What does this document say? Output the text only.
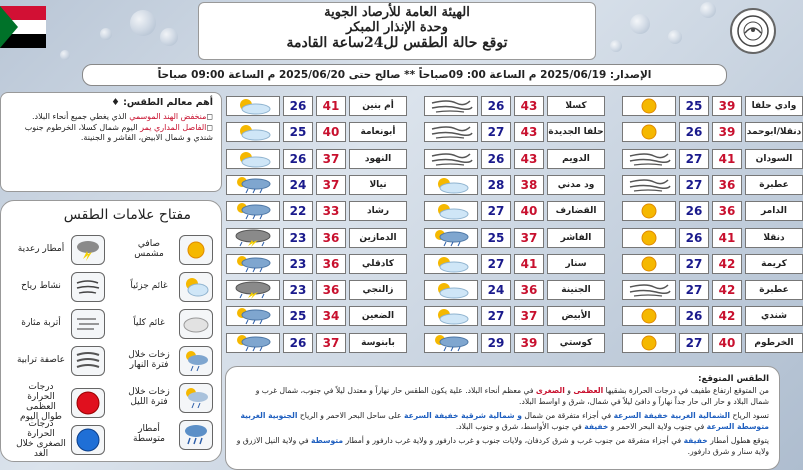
الهيئة العامة للأرصاد الجوية
وحدة الإنذار المبكر
توقع حالة الطقس لل24ساعة القادمة
الإصدار: 2025/06/19 م الساعة 00: 09صباحاً ** صالح حتى 2025/06/20 م الساعة 09:00 صباحاً
أهم معالم الطقس: ♦
◻منخفض الهند الموسمي الذي يغطي جميع أنحاء البلاد.
◻الفاصل المداري يمر اليوم شمال كسلا، الخرطوم جنوب شندي و شمال الابيض، الفاشر و الجنينة.
مفتاح علامات الطقس
صافي مشمس
أمطار رعدية
غائم جزئياً
نشاط رياح
غائم كلياً
أتربة مثارة
زخات خلال فترة النهار
عاصفة ترابية
زخات خلال فترة الليل
درجات الحرارة العظمى طوال اليوم
أمطار متوسطة
درجات الحرارة الصغرى خلال الغد
25	39	وادي حلفا
26	39	دنقلا/ابوحمد
27	41	السودان
27	36	عطبرة
26	36	الدامر
26	41	دنقلا
27	42	كريمة
27	42	عطبرة
26	42	شندي
27	40	الخرطوم
26	43	كسلا
27	43	حلفا الجديدة
26	43	الدويم
28	38	ود مدني
27	40	القضارف
25	37	الفاشر
27	41	سنار
24	36	الجنينة
27	37	الأبيض
29	39	كوستي
26	41	أم بنين
25	40	أبونعامة
26	37	النهود
24	37	نيالا
22	33	رشاد
23	36	الدمازين
23	36	كادقلي
23	36	زالنجي
25	34	الضعين
26	37	بابنوسة
الطقس المتوقع:
من المتوقع ارتفاع طفيف في درجات الحرارة بشقيها العظمى و الصغرى في معظم أنحاء البلاد. علية يكون الطقس حار نهاراً و معتدل ليلاً في جنوب، شمال غرب و شمال البلاد و حار الى حار جداً نهاراً و دافئ ليلاً في شمال، شرق و اواسط البلاد.
تسود الرياح الشمالية الغربية خفيفة السرعة في أجزاء متفرقة من شمال و شمالية شرقية خفيفة السرعة على ساحل البحر الاحمر و الرياح الجنوبية الغربية متوسطة السرعة في جنوب ولاية البحر الاحمر و خفيفة في جنوب الأواسط، شرق و جنوب البلاد.
يتوقع هطول أمطار خفيفة في أجزاء متفرقة من جنوب غرب و شرق كردفان، ولايات جنوب و غرب دارفور و ولاية غرب دارفور و أمطار متوسطة في ولاية النيل الازرق و ولاية سنار و شرق دارفور.
